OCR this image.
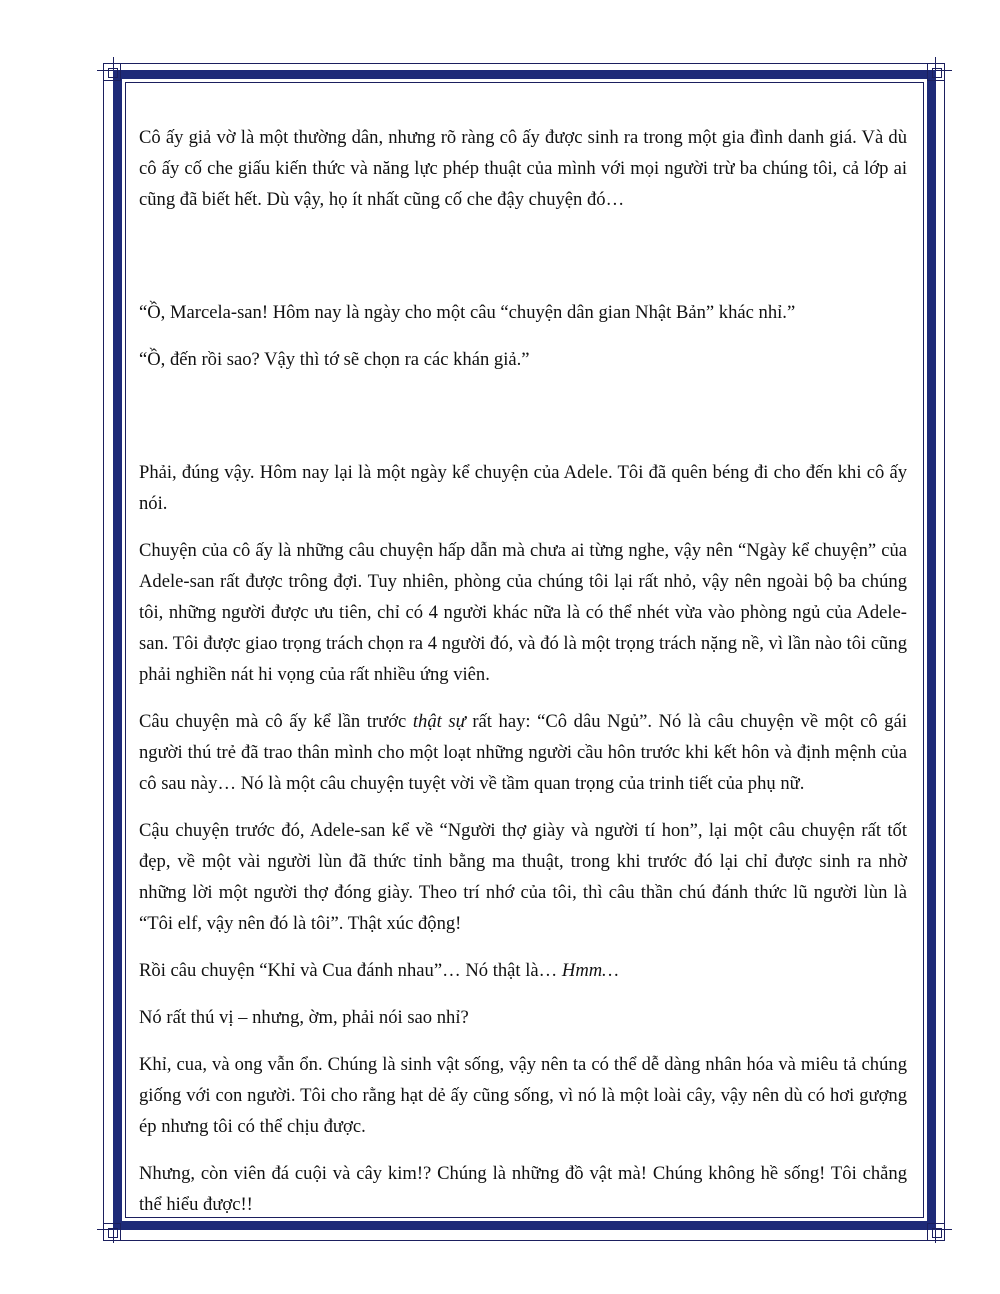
Cô ấy giả vờ là một thường dân, nhưng rõ ràng cô ấy được sinh ra trong một gia đình danh giá. Và dù cô ấy cố che giấu kiến thức và năng lực phép thuật của mình với mọi người trừ ba chúng tôi, cả lớp ai cũng đã biết hết. Dù vậy, họ ít nhất cũng cố che đậy chuyện đó…

“Ồ, Marcela-san! Hôm nay là ngày cho một câu “chuyện dân gian Nhật Bản” khác nhỉ.”

“Ồ, đến rồi sao? Vậy thì tớ sẽ chọn ra các khán giả.”

Phải, đúng vậy. Hôm nay lại là một ngày kể chuyện của Adele. Tôi đã quên béng đi cho đến khi cô ấy nói.

Chuyện của cô ấy là những câu chuyện hấp dẫn mà chưa ai từng nghe, vậy nên “Ngày kể chuyện” của Adele-san rất được trông đợi. Tuy nhiên, phòng của chúng tôi lại rất nhỏ, vậy nên ngoài bộ ba chúng tôi, những người được ưu tiên, chỉ có 4 người khác nữa là có thể nhét vừa vào phòng ngủ của Adele-san. Tôi được giao trọng trách chọn ra 4 người đó, và đó là một trọng trách nặng nề, vì lần nào tôi cũng phải nghiền nát hi vọng của rất nhiều ứng viên.

Câu chuyện mà cô ấy kể lần trước thật sự rất hay: “Cô dâu Ngủ”. Nó là câu chuyện về một cô gái người thú trẻ đã trao thân mình cho một loạt những người cầu hôn trước khi kết hôn và định mệnh của cô sau này… Nó là một câu chuyện tuyệt vời về tầm quan trọng của trinh tiết của phụ nữ.

Cậu chuyện trước đó, Adele-san kể về “Người thợ giày và người tí hon”, lại một câu chuyện rất tốt đẹp, về một vài người lùn đã thức tỉnh bằng ma thuật, trong khi trước đó lại chỉ được sinh ra nhờ những lời một người thợ đóng giày. Theo trí nhớ của tôi, thì câu thần chú đánh thức lũ người lùn là “Tôi elf, vậy nên đó là tôi”. Thật xúc động!

Rồi câu chuyện “Khỉ và Cua đánh nhau”… Nó thật là… Hmm…

Nó rất thú vị – nhưng, ờm, phải nói sao nhỉ?

Khỉ, cua, và ong vẫn ổn. Chúng là sinh vật sống, vậy nên ta có thể dễ dàng nhân hóa và miêu tả chúng giống với con người. Tôi cho rằng hạt dẻ ấy cũng sống, vì nó là một loài cây, vậy nên dù có hơi gượng ép nhưng tôi có thể chịu được.

Nhưng, còn viên đá cuội và cây kim!? Chúng là những đồ vật mà! Chúng không hề sống! Tôi chẳng thể hiểu được!!
